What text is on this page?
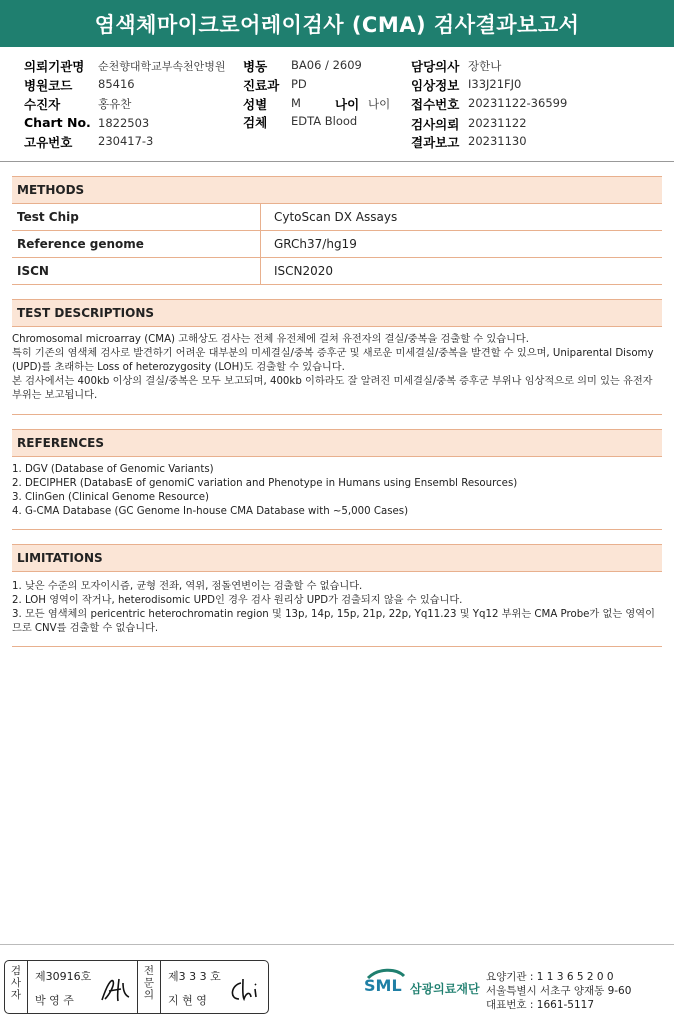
염색체마이크로어레이검사 (CMA) 검사결과보고서
의뢰기관명 순천향대학교부속천안병원 병동 BA06 / 2609	담당의사 장한나
병원코드 85416	진료과 PD	임상정보 I33J21FJ0
수진자	홍유찬	성별 M	나이 나이 접수번호 20231122-36599
Chart No. 1822503	검체 EDTA Blood	검사의뢰 20231122
고유번호 230417-3	결과보고 20231130
METHODS
Test Chip	CytoScan DX Assays
Reference genome	GRCh37/hg19
ISCN	ISCN2020
TEST DESCRIPTIONS

Chromosomal microarray (CMA) 고해상도 검사는 전체 유전체에 걸쳐 유전자의 결실/중복을 검출할 수 있습니다.

특히 기존의 염색체 검사로 발견하기 어려운 대부분의 미세결실/중복 증후군 및 새로운 미세결실/중복을 발견할 수 있으며, Uniparental Disomy (UPD)를 초래하는 Loss of heterozygosity (LOH)도 검출할 수 있습니다.

본 검사에서는 400kb 이상의 결실/중복은 모두 보고되며, 400kb 이하라도 잘 알려진 미세결실/중복 증후군 부위나 임상적으로 의미 있는 유전자 부위는 보고됩니다.

REFERENCES

1. DGV (Database of Genomic Variants)

2. DECIPHER (DatabasE of genomiC variation and Phenotype in Humans using Ensembl Resources)

3. ClinGen (Clinical Genome Resource)

4. G-CMA Database (GC Genome In-house CMA Database with ~5,000 Cases)

LIMITATIONS

1. 낮은 수준의 모자이시즘, 균형 전좌, 역위, 점돌연변이는 검출할 수 없습니다.

2. LOH 영역이 작거나, heterodisomic UPD인 경우 검사 원리상 UPD가 검출되지 않을 수 있습니다.

3. 모든 염색체의 pericentric heterochromatin region 및 13p, 14p, 15p, 21p, 22p, Yq11.23 및 Yq12 부위는 CMA Probe가 없는 영역이므로 CNV를 검출할 수 없습니다.

검사자
제30916호
박 영 주
전문의
제3 3 3 호
지 현 영
SML 삼광의료재단
요양기관 : 1 1 3 6 5 2 0 0
서울특별시 서초구 양재동 9-60
대표번호 : 1661-5117
